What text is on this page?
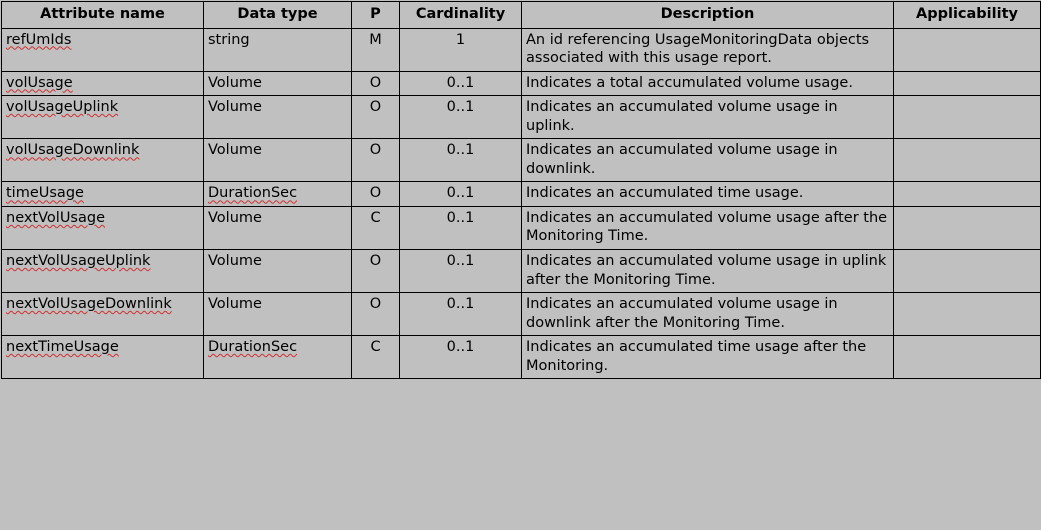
Attribute name	Data type	P	Cardinality	Description	Applicability
refUmIds	string	M	1	An id referencing UsageMonitoringData objects associated with this usage report.	
volUsage	Volume	O	0..1	Indicates a total accumulated volume usage.	
volUsageUplink	Volume	O	0..1	Indicates an accumulated volume usage in uplink.	
volUsageDownlink	Volume	O	0..1	Indicates an accumulated volume usage in downlink.	
timeUsage	DurationSec	O	0..1	Indicates an accumulated time usage.	
nextVolUsage	Volume	C	0..1	Indicates an accumulated volume usage after the Monitoring Time.	
nextVolUsageUplink	Volume	O	0..1	Indicates an accumulated volume usage in uplink after the Monitoring Time.	
nextVolUsageDownlink	Volume	O	0..1	Indicates an accumulated volume usage in downlink after the Monitoring Time.	
nextTimeUsage	DurationSec	C	0..1	Indicates an accumulated time usage after the Monitoring.	
